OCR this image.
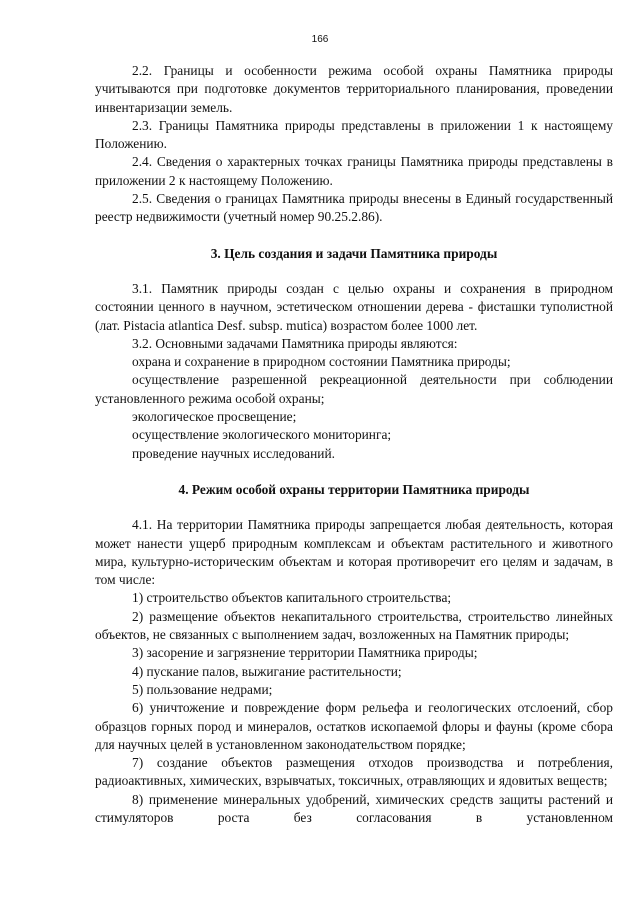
166

2.2. Границы и особенности режима особой охраны Памятника природы учитываются при подготовке документов территориального планирования, проведении инвентаризации земель.

2.3. Границы Памятника природы представлены в приложении 1 к настоящему Положению.

2.4. Сведения о характерных точках границы Памятника природы представлены в приложении 2 к настоящему Положению.

2.5. Сведения о границах Памятника природы внесены в Единый государственный реестр недвижимости (учетный номер 90.25.2.86).

3. Цель создания и задачи Памятника природы

3.1. Памятник природы создан с целью охраны и сохранения в природном состоянии ценного в научном, эстетическом отношении дерева - фисташки туполистной (лат. Pistacia atlantica Desf. subsp. mutica) возрастом более 1000 лет.

3.2. Основными задачами Памятника природы являются:

охрана и сохранение в природном состоянии Памятника природы;

осуществление разрешенной рекреационной деятельности при соблюдении установленного режима особой охраны;

экологическое просвещение;

осуществление экологического мониторинга;

проведение научных исследований.

4. Режим особой охраны территории Памятника природы

4.1. На территории Памятника природы запрещается любая деятельность, которая может нанести ущерб природным комплексам и объектам растительного и животного мира, культурно-историческим объектам и которая противоречит его целям и задачам, в том числе:

1) строительство объектов капитального строительства;

2) размещение объектов некапитального строительства, строительство линейных объектов, не связанных с выполнением задач, возложенных на Памятник природы;

3) засорение и загрязнение территории Памятника природы;

4) пускание палов, выжигание растительности;

5) пользование недрами;

6) уничтожение и повреждение форм рельефа и геологических отслоений, сбор образцов горных пород и минералов, остатков ископаемой флоры и фауны (кроме сбора для научных целей в установленном законодательством порядке;

7) создание объектов размещения отходов производства и потребления, радиоактивных, химических, взрывчатых, токсичных, отравляющих и ядовитых веществ;

8) применение минеральных удобрений, химических средств защиты растений и стимуляторов роста без согласования в установленном
